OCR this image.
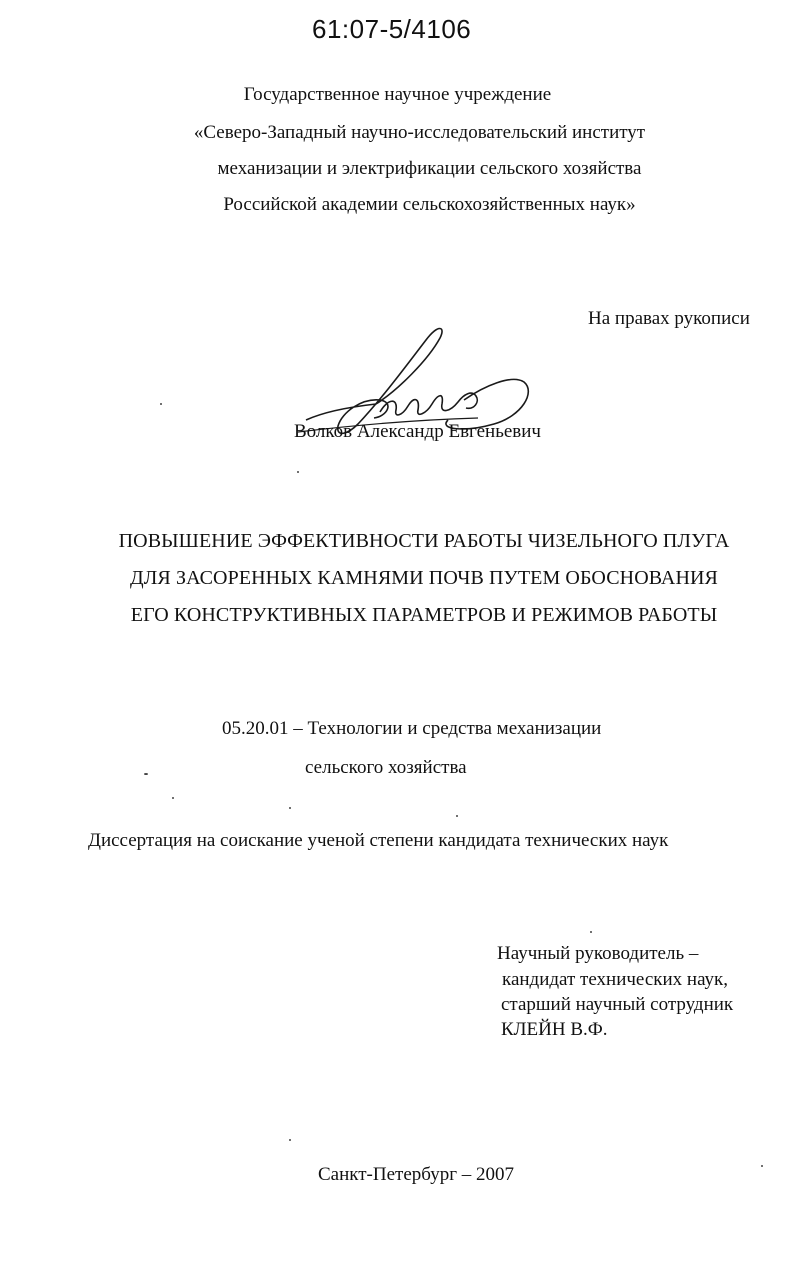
61:07-5/4106
Государственное научное учреждение
«Северо-Западный научно-исследовательский институт
механизации и электрификации сельского хозяйства
Российской академии сельскохозяйственных наук»
На правах рукописи
Волков Александр Евгеньевич
ПОВЫШЕНИЕ ЭФФЕКТИВНОСТИ РАБОТЫ ЧИЗЕЛЬНОГО ПЛУГА
ДЛЯ ЗАСОРЕННЫХ КАМНЯМИ ПОЧВ ПУТЕМ ОБОСНОВАНИЯ
ЕГО КОНСТРУКТИВНЫХ ПАРАМЕТРОВ И РЕЖИМОВ РАБОТЫ
05.20.01 – Технологии и средства механизации
сельского хозяйства
Диссертация на соискание ученой степени кандидата технических наук
Научный руководитель –
кандидат технических наук,
старший научный сотрудник
КЛЕЙН В.Ф.
Санкт-Петербург – 2007
